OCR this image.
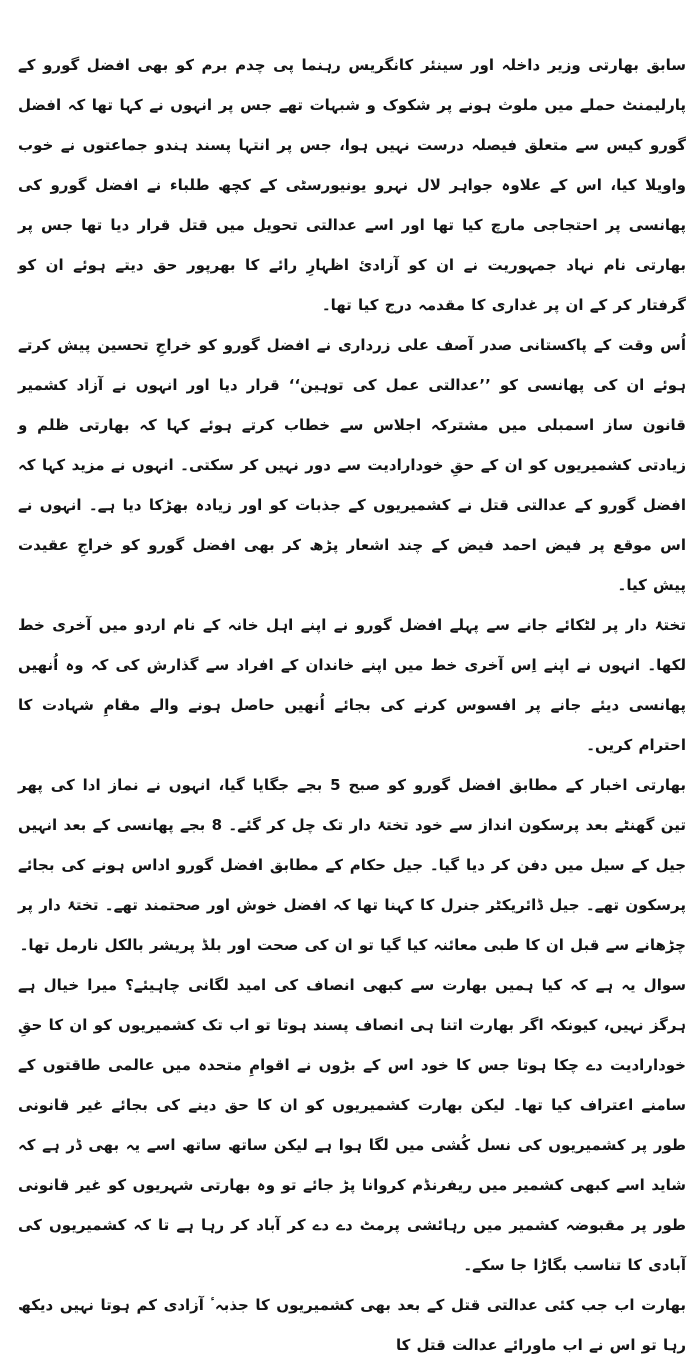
سابق بھارتی وزیر داخلہ اور سینئر کانگریس رہنما پی چدم برم کو بھی افضل گورو کے پارلیمنٹ حملے میں ملوث ہونے پر شکوک و شبہات تھے جس پر انہوں نے کہا تھا کہ افضل گورو کیس سے متعلق فیصلہ درست نہیں ہوا، جس پر انتہا پسند ہندو جماعتوں نے خوب واویلا کیا، اس کے علاوہ جواہر لال نہرو یونیورسٹی کے کچھ طلباء نے افضل گورو کی پھانسی پر احتجاجی مارچ کیا تھا اور اسے عدالتی تحویل میں قتل قرار دیا تھا جس پر بھارتی نام نہاد جمہوریت نے ان کو آزادیٔ اظہارِ رائے کا بھرپور حق دیتے ہوئے ان کو گرفتار کر کے ان پر غداری کا مقدمہ درج کیا تھا۔

اُس وقت کے پاکستانی صدر آصف علی زرداری نے افضل گورو کو خراجِ تحسین پیش کرتے ہوئے ان کی پھانسی کو ’’عدالتی عمل کی توہین‘‘ قرار دیا اور انہوں نے آزاد کشمیر قانون ساز اسمبلی میں مشترکہ اجلاس سے خطاب کرتے ہوئے کہا کہ بھارتی ظلم و زیادتی کشمیریوں کو ان کے حقِ خودارادیت سے دور نہیں کر سکتی۔ انہوں نے مزید کہا کہ افضل گورو کے عدالتی قتل نے کشمیریوں کے جذبات کو اور زیادہ بھڑکا دیا ہے۔ انہوں نے اس موقع پر فیض احمد فیض کے چند اشعار پڑھ کر بھی افضل گورو کو خراجِ عقیدت پیش کیا۔

تختۂ دار پر لٹکائے جانے سے پہلے افضل گورو نے اپنے اہل خانہ کے نام اردو میں آخری خط لکھا۔ انہوں نے اپنے اِس آخری خط میں اپنے خاندان کے افراد سے گذارش کی کہ وہ اُنھیں پھانسی دیئے جانے پر افسوس کرنے کی بجائے اُنھیں حاصل ہونے والے مقامِ شہادت کا احترام کریں۔

بھارتی اخبار کے مطابق افضل گورو کو صبح 5 بجے جگایا گیا، انہوں نے نماز ادا کی پھر تین گھنٹے بعد پرسکون انداز سے خود تختۂ دار تک چل کر گئے۔ 8 بجے پھانسی کے بعد انہیں جیل کے سیل میں دفن کر دیا گیا۔ جیل حکام کے مطابق افضل گورو اداس ہونے کی بجائے پرسکون تھے۔ جیل ڈائریکٹر جنرل کا کہنا تھا کہ افضل خوش اور صحتمند تھے۔ تختۂ دار پر چڑھانے سے قبل ان کا طبی معائنہ کیا گیا تو ان کی صحت اور بلڈ پریشر بالکل نارمل تھا۔

سوال یہ ہے کہ کیا ہمیں بھارت سے کبھی انصاف کی امید لگانی چاہیئے؟ میرا خیال ہے ہرگز نہیں، کیونکہ اگر بھارت اتنا ہی انصاف پسند ہوتا تو اب تک کشمیریوں کو ان کا حقِ خودارادیت دے چکا ہوتا جس کا خود اس کے بڑوں نے اقوامِ متحدہ میں عالمی طاقتوں کے سامنے اعتراف کیا تھا۔ لیکن بھارت کشمیریوں کو ان کا حق دینے کی بجائے غیر قانونی طور پر کشمیریوں کی نسل کُشی میں لگا ہوا ہے لیکن ساتھ ساتھ اسے یہ بھی ڈر ہے کہ شاید اسے کبھی کشمیر میں ریفرنڈم کروانا پڑ جائے تو وہ بھارتی شہریوں کو غیر قانونی طور پر مقبوضہ کشمیر میں رہائشی پرمٹ دے دے کر آباد کر رہا ہے تا کہ کشمیریوں کی آبادی کا تناسب بگاڑا جا سکے۔

بھارت اب جب کئی عدالتی قتل کے بعد بھی کشمیریوں کا جذبہٴ آزادی کم ہوتا نہیں دیکھ رہا تو اس نے اب ماورائے عدالت قتل کا
